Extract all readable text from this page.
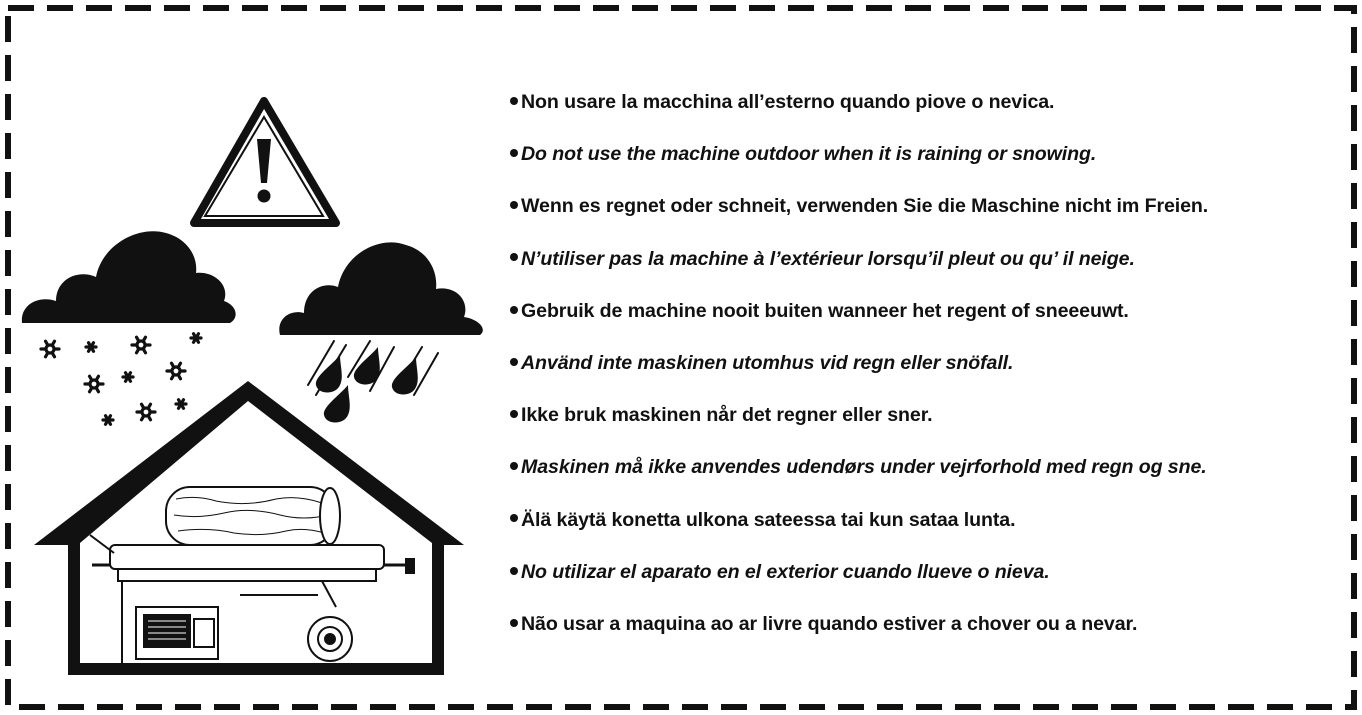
Non usare la macchina all’esterno quando piove o nevica.
Do not use the machine outdoor when it is raining or snowing.
Wenn es regnet oder schneit, verwenden Sie die Maschine nicht im Freien.
N’utiliser pas la machine à l’extérieur lorsqu’il pleut ou qu’ il neige.
Gebruik de machine nooit buiten wanneer het regent of sneeeuwt.
Använd inte maskinen utomhus vid regn eller snöfall.
Ikke bruk maskinen når det regner eller sner.
Maskinen må ikke anvendes udendørs under vejrforhold med regn og sne.
Älä käytä konetta ulkona sateessa tai kun sataa lunta.
No utilizar el aparato en el exterior cuando llueve o nieva.
Não usar a maquina ao ar livre quando estiver a chover ou a nevar.
